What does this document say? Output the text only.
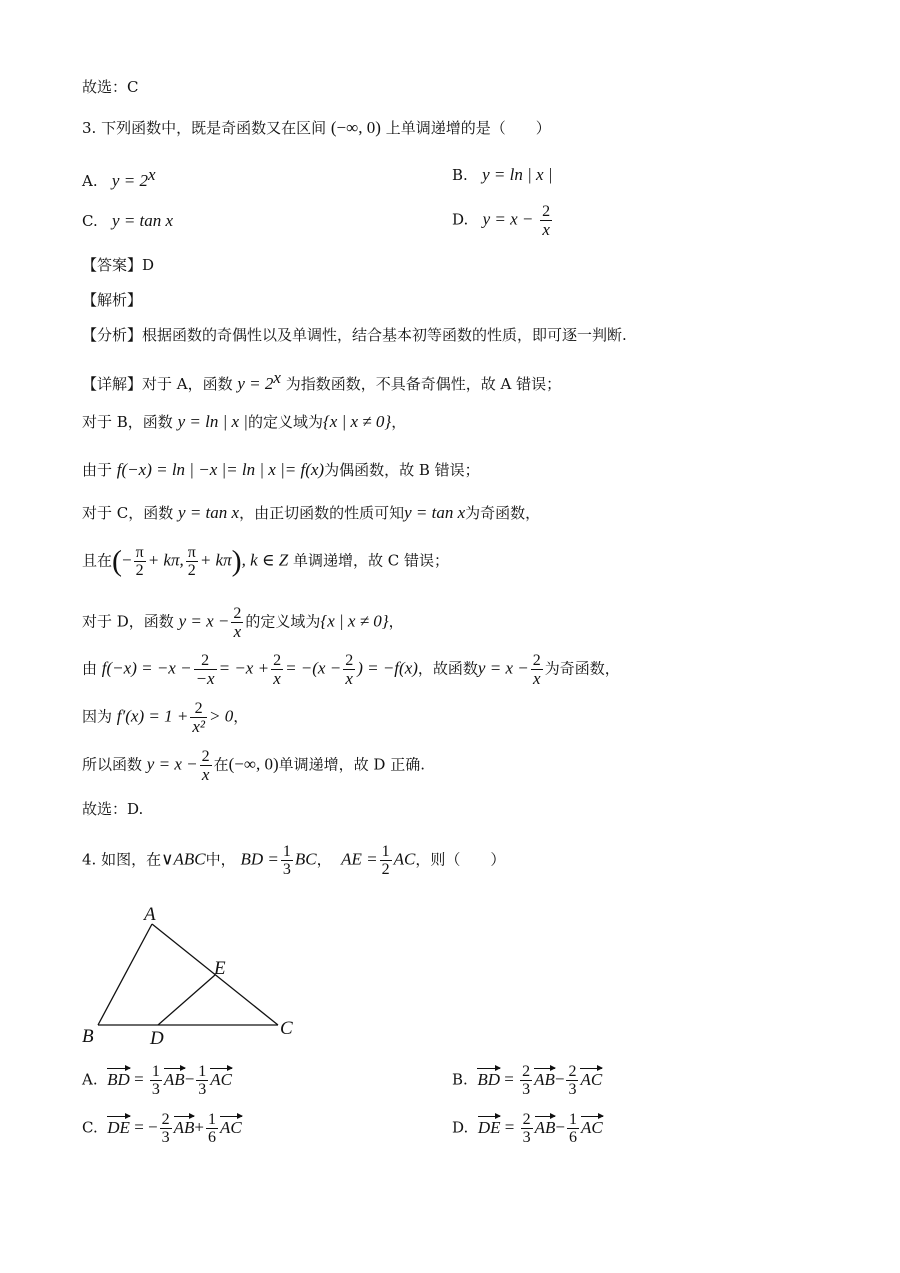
故选：C
3. 下列函数中，既是奇函数又在区间 (−∞, 0) 上单调递增的是（　　）
A. $y = 2^x$	B. y = ln | x |
C. y = tan x	D. $y = x - \frac{2}{x}$
【答案】D
【解析】
【分析】根据函数的奇偶性以及单调性，结合基本初等函数的性质，即可逐一判断.
【详解】对于 A，函数 $y = 2^x$ 为指数函数，不具备奇偶性，故 A 错误；
对于 B，函数 y = ln | x |的定义域为{x | x ≠ 0}，
由于 f(−x) = ln | −x |= ln | x |= f(x)为偶函数，故 B 错误；
对于 C，函数 y = tan x，由正切函数的性质可知y = tan x为奇函数，
且在(− $\frac{\pi}{2} + k\pi$, $\frac{\pi}{2} + k\pi$), k ∈ Z 单调递增，故 C 错误；
对于 D，函数 $y = x - \frac{2}{x}$ 的定义域为{x | x ≠ 0}，
由 $f(-x) = -x - \frac{2}{-x} = -x + \frac{2}{x} = -(x - \frac{2}{x}$ ) = −f(x)，故函数$y = x - \frac{2}{x}$ 为奇函数，
因为 $f'(x) = 1 + \frac{2}{\text{x²}} > 0$，
所以函数 $y = x - \frac{2}{x}$ 在(−∞, 0)单调递增，故 D 正确.
故选：D.
4. 如图，在∨ABC中， BD = $\frac{1}{3}$ BC，  AE = $\frac{1}{2}$ AC，则（　　）
A
B	C
D
E
A. BD = $\frac{1}{3} AB- \frac{1}{3}$ AC	B. BD = $\frac{2}{3} AB- \frac{2}{3}$ AC
C. DE = − $\frac{2}{3} AB+ \frac{1}{6}$ AC	D. DE = $\frac{2}{3} AB- \frac{1}{6}$ AC
